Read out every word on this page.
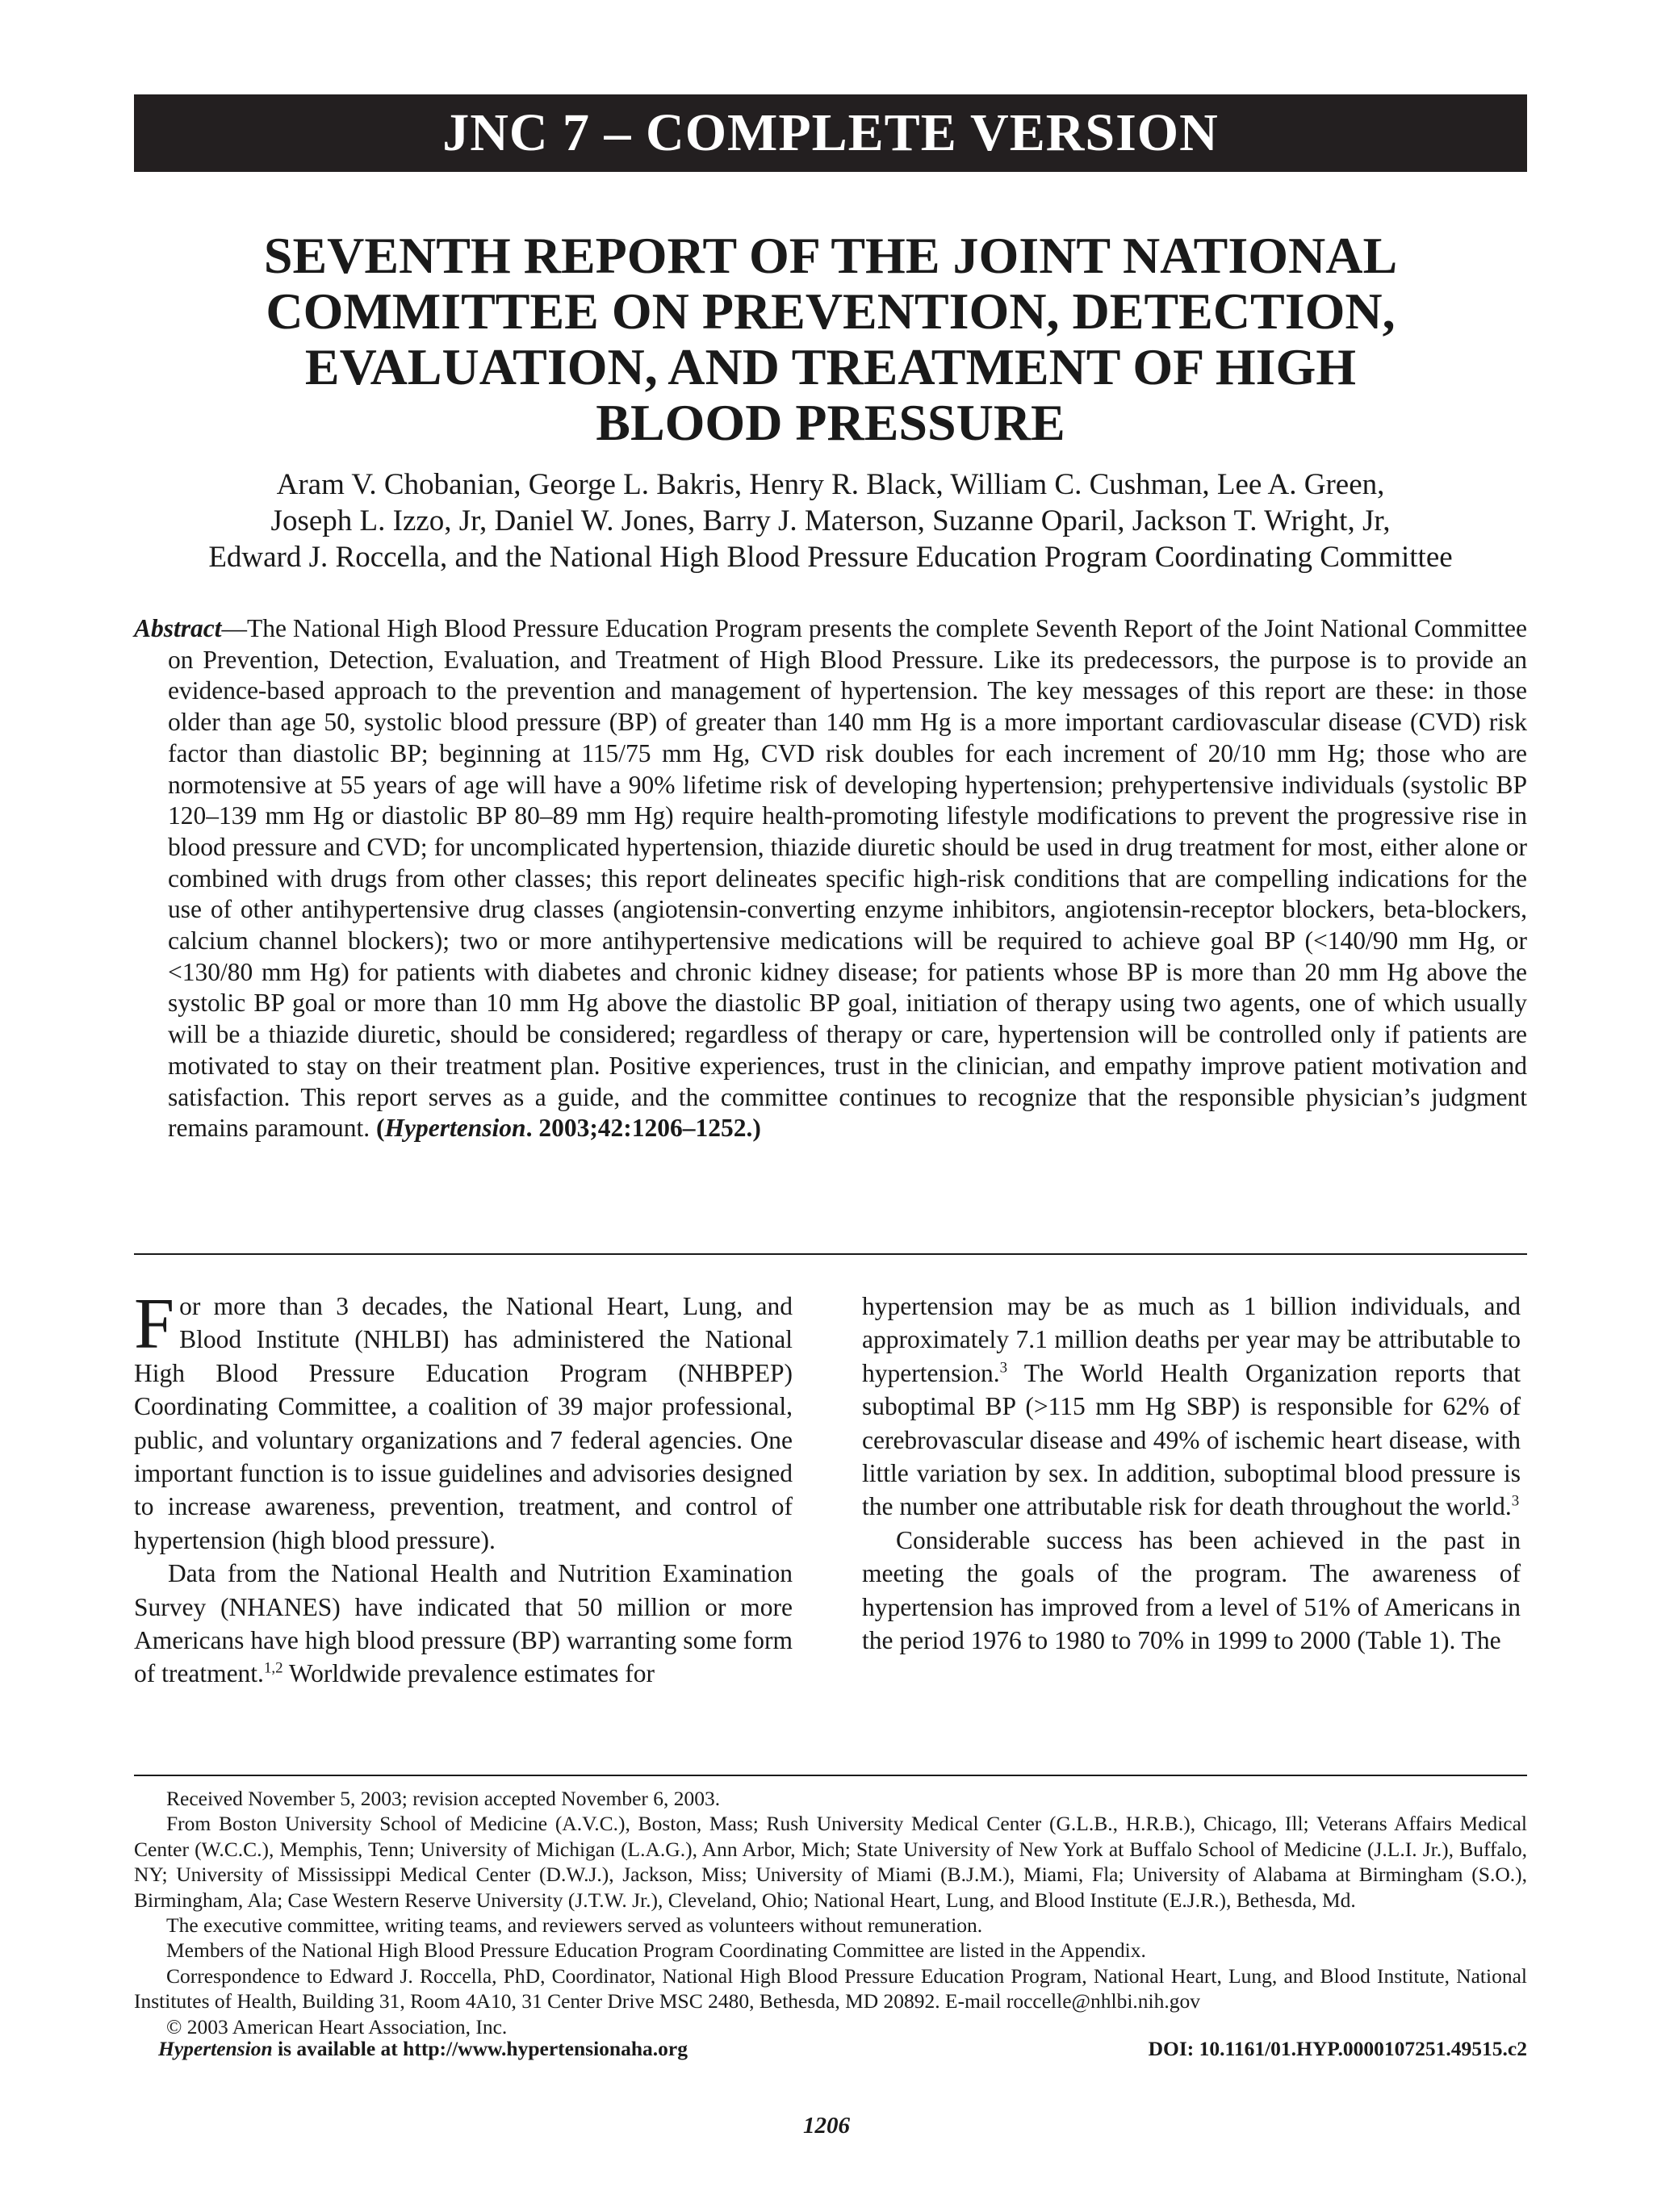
JNC 7 – COMPLETE VERSION
SEVENTH REPORT OF THE JOINT NATIONAL
COMMITTEE ON PREVENTION, DETECTION,
EVALUATION, AND TREATMENT OF HIGH
BLOOD PRESSURE
Aram V. Chobanian, George L. Bakris, Henry R. Black, William C. Cushman, Lee A. Green,
Joseph L. Izzo, Jr, Daniel W. Jones, Barry J. Materson, Suzanne Oparil, Jackson T. Wright, Jr,
Edward J. Roccella, and the National High Blood Pressure Education Program Coordinating Committee

Abstract—The National High Blood Pressure Education Program presents the complete Seventh Report of the Joint National Committee on Prevention, Detection, Evaluation, and Treatment of High Blood Pressure. Like its predecessors, the purpose is to provide an evidence-based approach to the prevention and management of hypertension. The key messages of this report are these: in those older than age 50, systolic blood pressure (BP) of greater than 140 mm Hg is a more important cardiovascular disease (CVD) risk factor than diastolic BP; beginning at 115/75 mm Hg, CVD risk doubles for each increment of 20/10 mm Hg; those who are normotensive at 55 years of age will have a 90% lifetime risk of developing hypertension; prehypertensive individuals (systolic BP 120–139 mm Hg or diastolic BP 80–89 mm Hg) require health-promoting lifestyle modifications to prevent the progressive rise in blood pressure and CVD; for uncomplicated hypertension, thiazide diuretic should be used in drug treatment for most, either alone or combined with drugs from other classes; this report delineates specific high-risk conditions that are compelling indications for the use of other antihypertensive drug classes (angiotensin-converting enzyme inhibitors, angiotensin-receptor blockers, beta-blockers, calcium channel blockers); two or more antihypertensive medications will be required to achieve goal BP (<140/90 mm Hg, or <130/80 mm Hg) for patients with diabetes and chronic kidney disease; for patients whose BP is more than 20 mm Hg above the systolic BP goal or more than 10 mm Hg above the diastolic BP goal, initiation of therapy using two agents, one of which usually will be a thiazide diuretic, should be considered; regardless of therapy or care, hypertension will be controlled only if patients are motivated to stay on their treatment plan. Positive experiences, trust in the clinician, and empathy improve patient motivation and satisfaction. This report serves as a guide, and the committee continues to recognize that the responsible physician’s judgment remains paramount. (Hypertension. 2003;42:1206–1252.)

For more than 3 decades, the National Heart, Lung, and Blood Institute (NHLBI) has administered the National High Blood Pressure Education Program (NHBPEP) Coordinating Committee, a coalition of 39 major professional, public, and voluntary organizations and 7 federal agencies. One important function is to issue guidelines and advisories designed to increase awareness, prevention, treatment, and control of hypertension (high blood pressure).

Data from the National Health and Nutrition Examination Survey (NHANES) have indicated that 50 million or more Americans have high blood pressure (BP) warranting some form of treatment.$^{1,2}$ Worldwide prevalence estimates for

hypertension may be as much as 1 billion individuals, and approximately 7.1 million deaths per year may be attributable to hypertension.$^3$ The World Health Organization reports that suboptimal BP (>115 mm Hg SBP) is responsible for 62% of cerebrovascular disease and 49% of ischemic heart disease, with little variation by sex. In addition, suboptimal blood pressure is the number one attributable risk for death throughout the world.$^3$

Considerable success has been achieved in the past in meeting the goals of the program. The awareness of hypertension has improved from a level of 51% of Americans in the period 1976 to 1980 to 70% in 1999 to 2000 (Table 1). The

Received November 5, 2003; revision accepted November 6, 2003.

From Boston University School of Medicine (A.V.C.), Boston, Mass; Rush University Medical Center (G.L.B., H.R.B.), Chicago, Ill; Veterans Affairs Medical Center (W.C.C.), Memphis, Tenn; University of Michigan (L.A.G.), Ann Arbor, Mich; State University of New York at Buffalo School of Medicine (J.L.I. Jr.), Buffalo, NY; University of Mississippi Medical Center (D.W.J.), Jackson, Miss; University of Miami (B.J.M.), Miami, Fla; University of Alabama at Birmingham (S.O.), Birmingham, Ala; Case Western Reserve University (J.T.W. Jr.), Cleveland, Ohio; National Heart, Lung, and Blood Institute (E.J.R.), Bethesda, Md.

The executive committee, writing teams, and reviewers served as volunteers without remuneration.

Members of the National High Blood Pressure Education Program Coordinating Committee are listed in the Appendix.

Correspondence to Edward J. Roccella, PhD, Coordinator, National High Blood Pressure Education Program, National Heart, Lung, and Blood Institute, National Institutes of Health, Building 31, Room 4A10, 31 Center Drive MSC 2480, Bethesda, MD 20892. E-mail roccelle@nhlbi.nih.gov

© 2003 American Heart Association, Inc.

Hypertension is available at http://www.hypertensionaha.org	DOI: 10.1161/01.HYP.0000107251.49515.c2
1206
